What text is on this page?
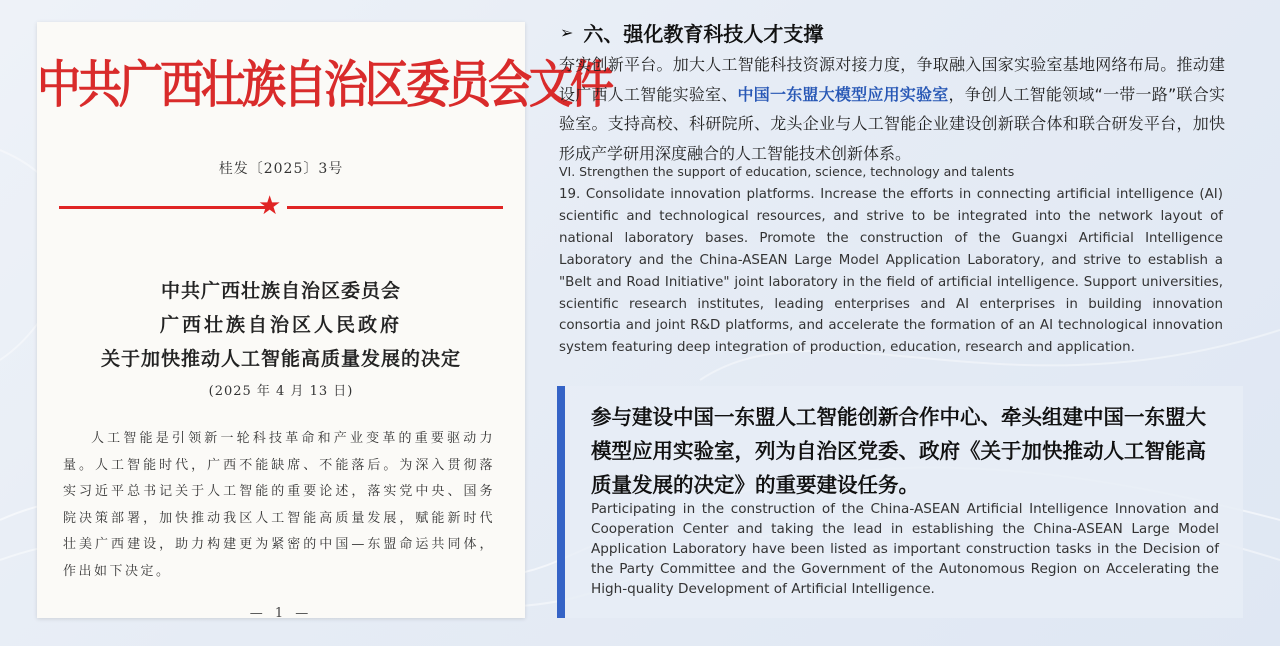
中共广西壮族自治区委员会文件
桂发〔2025〕3号
★
中共广西壮族自治区委员会
广西壮族自治区人民政府
关于加快推动人工智能高质量发展的决定
(2025 年 4 月 13 日)
人工智能是引领新一轮科技革命和产业变革的重要驱动力量。人工智能时代，广西不能缺席、不能落后。为深入贯彻落实习近平总书记关于人工智能的重要论述，落实党中央、国务院决策部署，加快推动我区人工智能高质量发展，赋能新时代壮美广西建设，助力构建更为紧密的中国—东盟命运共同体，作出如下决定。
— 1 —
➢ 六、强化教育科技人才支撑
夯实创新平台。加大人工智能科技资源对接力度，争取融入国家实验室基地网络布局。推动建设广西人工智能实验室、中国一东盟大模型应用实验室，争创人工智能领域“一带一路”联合实验室。支持高校、科研院所、龙头企业与人工智能企业建设创新联合体和联合研发平台，加快形成产学研用深度融合的人工智能技术创新体系。
VI. Strengthen the support of education, science, technology and talents
19. Consolidate innovation platforms. Increase the efforts in connecting artificial intelligence (AI) scientific and technological resources, and strive to be integrated into the network layout of national laboratory bases. Promote the construction of the Guangxi Artificial Intelligence Laboratory and the China-ASEAN Large Model Application Laboratory, and strive to establish a "Belt and Road Initiative" joint laboratory in the field of artificial intelligence. Support universities, scientific research institutes, leading enterprises and AI enterprises in building innovation consortia and joint R&D platforms, and accelerate the formation of an AI technological innovation system featuring deep integration of production, education, research and application.
参与建设中国一东盟人工智能创新合作中心、牵头组建中国一东盟大模型应用实验室，列为自治区党委、政府《关于加快推动人工智能高质量发展的决定》的重要建设任务。
Participating in the construction of the China-ASEAN Artificial Intelligence Innovation and Cooperation Center and taking the lead in establishing the China-ASEAN Large Model Application Laboratory have been listed as important construction tasks in the Decision of the Party Committee and the Government of the Autonomous Region on Accelerating the High-quality Development of Artificial Intelligence.
